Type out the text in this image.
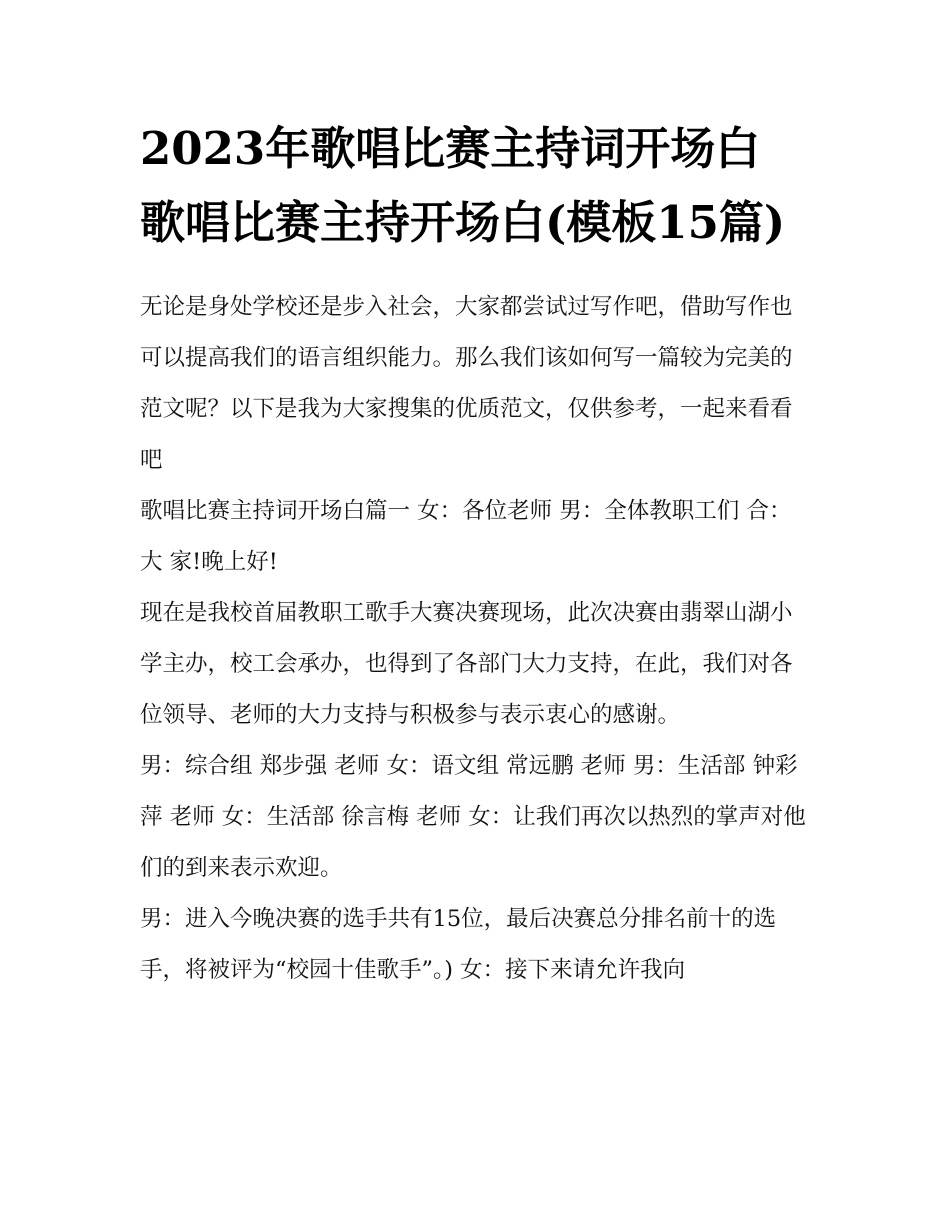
2023年歌唱比赛主持词开场白 歌唱比赛主持开场白(模板15篇)

无论是身处学校还是步入社会，大家都尝试过写作吧，借助写作也可以提高我们的语言组织能力。那么我们该如何写一篇较为完美的范文呢？以下是我为大家搜集的优质范文，仅供参考，一起来看看吧

歌唱比赛主持词开场白篇一 女：各位老师 男：全体教职工们 合：大 家!晚上好!

现在是我校首届教职工歌手大赛决赛现场，此次决赛由翡翠山湖小学主办，校工会承办，也得到了各部门大力支持，在此，我们对各位领导、老师的大力支持与积极参与表示衷心的感谢。

男：综合组 郑步强 老师 女：语文组 常远鹏 老师 男：生活部 钟彩萍 老师 女：生活部 徐言梅 老师 女：让我们再次以热烈的掌声对他们的到来表示欢迎。

男：进入今晚决赛的选手共有15位，最后决赛总分排名前十的选手，将被评为“校园十佳歌手”。) 女：接下来请允许我向
